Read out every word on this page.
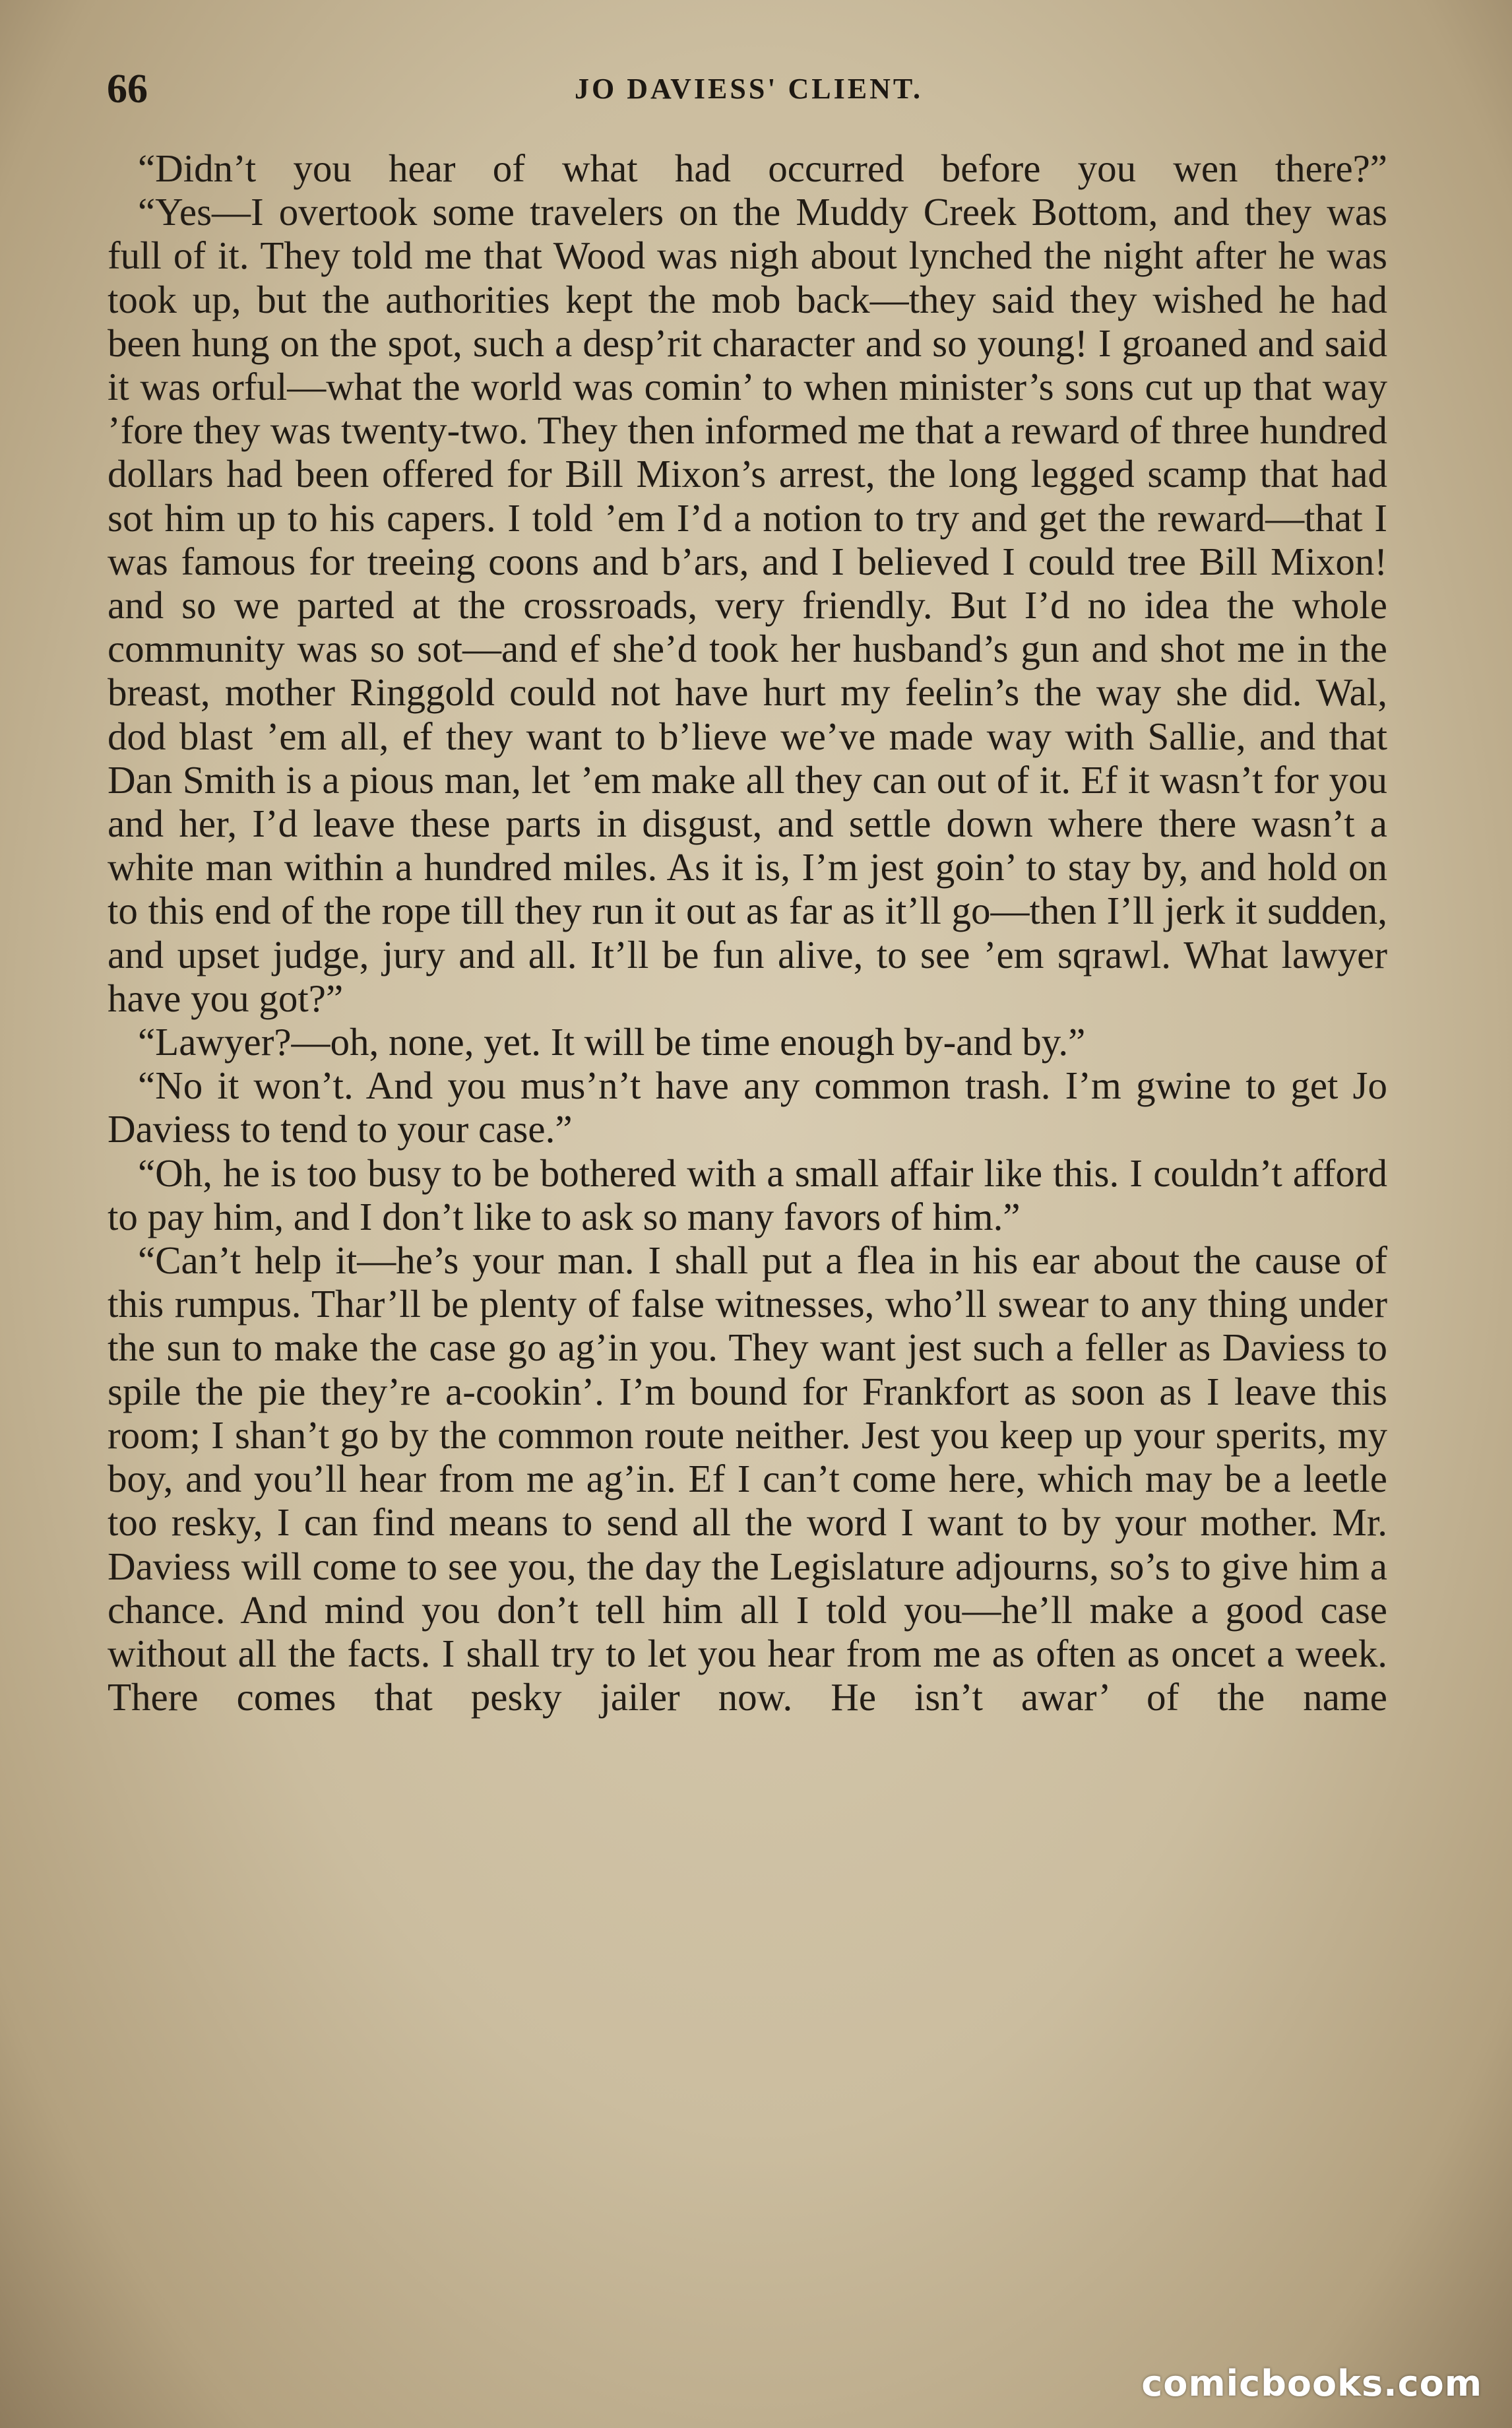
66	JO DAVIESS' CLIENT.

“Didn’t you hear of what had occurred before you wen there?”

“Yes—I overtook some travelers on the Muddy Creek Bottom, and they was full of it. They told me that Wood was nigh about lynched the night after he was took up, but the authorities kept the mob back—they said they wished he had been hung on the spot, such a desp’rit character and so young! I groaned and said it was orful—what the world was comin’ to when minister’s sons cut up that way ’fore they was twenty-two. They then informed me that a reward of three hundred dollars had been offered for Bill Mixon’s arrest, the long legged scamp that had sot him up to his capers. I told ’em I’d a notion to try and get the reward—that I was famous for treeing coons and b’ars, and I believed I could tree Bill Mixon! and so we parted at the crossroads, very friendly. But I’d no idea the whole community was so sot—and ef she’d took her husband’s gun and shot me in the breast, mother Ringgold could not have hurt my feelin’s the way she did. Wal, dod blast ’em all, ef they want to b’lieve we’ve made way with Sallie, and that Dan Smith is a pious man, let ’em make all they can out of it. Ef it wasn’t for you and her, I’d leave these parts in disgust, and settle down where there wasn’t a white man within a hundred miles. As it is, I’m jest goin’ to stay by, and hold on to this end of the rope till they run it out as far as it’ll go—then I’ll jerk it sudden, and upset judge, jury and all. It’ll be fun alive, to see ’em sqrawl. What lawyer have you got?”

“Lawyer?—oh, none, yet. It will be time enough by-and by.”

“No it won’t. And you mus’n’t have any common trash. I’m gwine to get Jo Daviess to tend to your case.”

“Oh, he is too busy to be bothered with a small affair like this. I couldn’t afford to pay him, and I don’t like to ask so many favors of him.”

“Can’t help it—he’s your man. I shall put a flea in his ear about the cause of this rumpus. Thar’ll be plenty of false witnesses, who’ll swear to any thing under the sun to make the case go ag’in you. They want jest such a feller as Daviess to spile the pie they’re a-cookin’. I’m bound for Frankfort as soon as I leave this room; I shan’t go by the common route neither. Jest you keep up your sperits, my boy, and you’ll hear from me ag’in. Ef I can’t come here, which may be a leetle too resky, I can find means to send all the word I want to by your mother. Mr. Daviess will come to see you, the day the Legislature adjourns, so’s to give him a chance. And mind you don’t tell him all I told you—he’ll make a good case without all the facts. I shall try to let you hear from me as often as oncet a week. There comes that pesky jailer now. He isn’t awar’ of the name

comicbooks.com
